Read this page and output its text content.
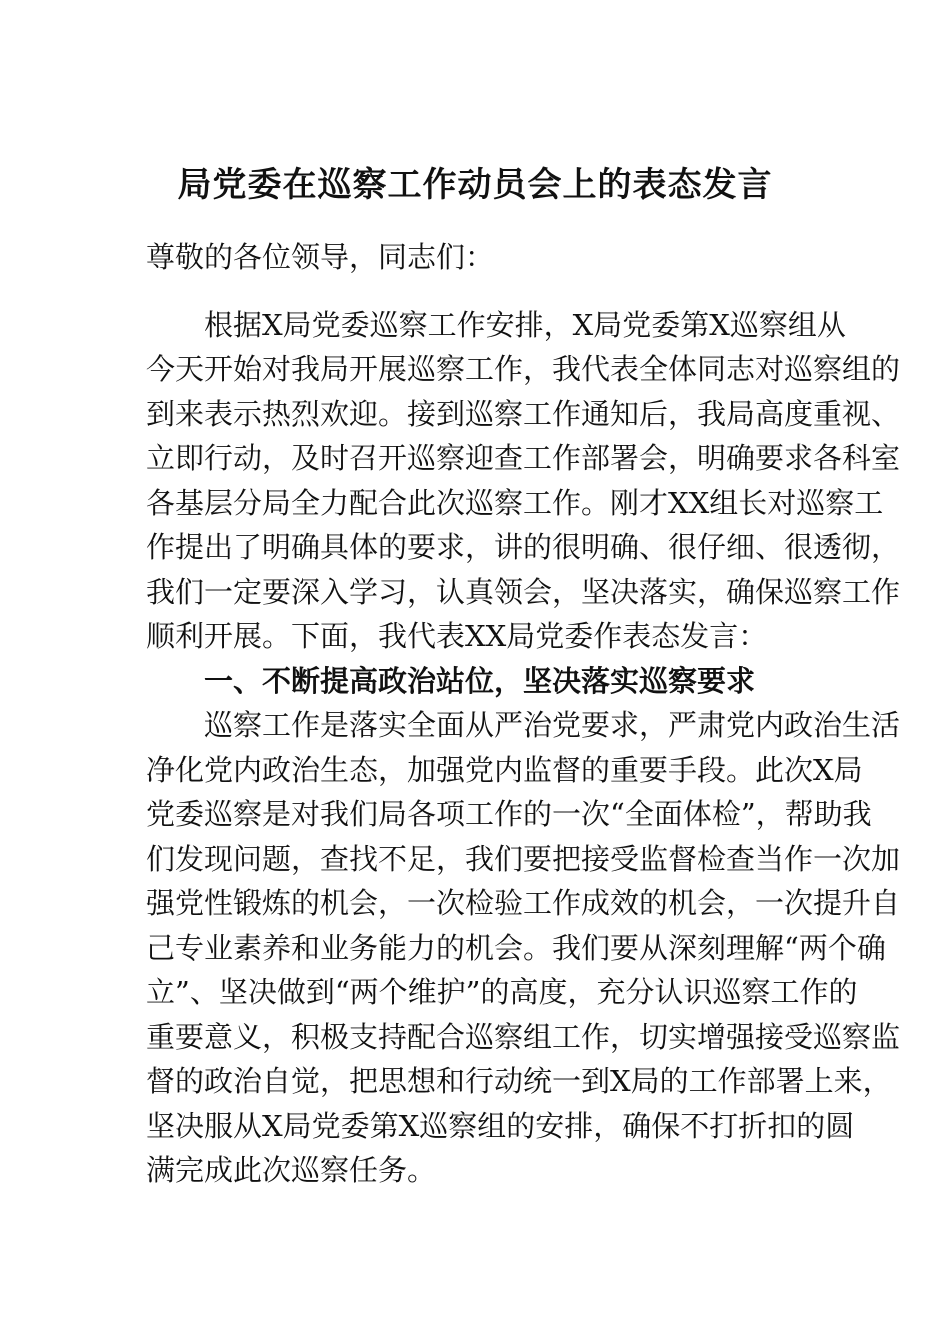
局党委在巡察工作动员会上的表态发言
尊敬的各位领导，同志们：
根据X局党委巡察工作安排，X局党委第X巡察组从
今天开始对我局开展巡察工作，我代表全体同志对巡察组的
到来表示热烈欢迎。接到巡察工作通知后，我局高度重视、
立即行动，及时召开巡察迎查工作部署会，明确要求各科室
各基层分局全力配合此次巡察工作。刚才XX组长对巡察工
作提出了明确具体的要求，讲的很明确、很仔细、很透彻，
我们一定要深入学习，认真领会，坚决落实，确保巡察工作
顺利开展。下面，我代表XX局党委作表态发言：
一、不断提高政治站位，坚决落实巡察要求
巡察工作是落实全面从严治党要求，严肃党内政治生活
净化党内政治生态，加强党内监督的重要手段。此次X局
党委巡察是对我们局各项工作的一次“全面体检”，帮助我
们发现问题，查找不足，我们要把接受监督检查当作一次加
强党性锻炼的机会，一次检验工作成效的机会，一次提升自
己专业素养和业务能力的机会。我们要从深刻理解“两个确
立”、坚决做到“两个维护”的高度，充分认识巡察工作的
重要意义，积极支持配合巡察组工作，切实增强接受巡察监
督的政治自觉，把思想和行动统一到X局的工作部署上来，
坚决服从X局党委第X巡察组的安排，确保不打折扣的圆
满完成此次巡察任务。
